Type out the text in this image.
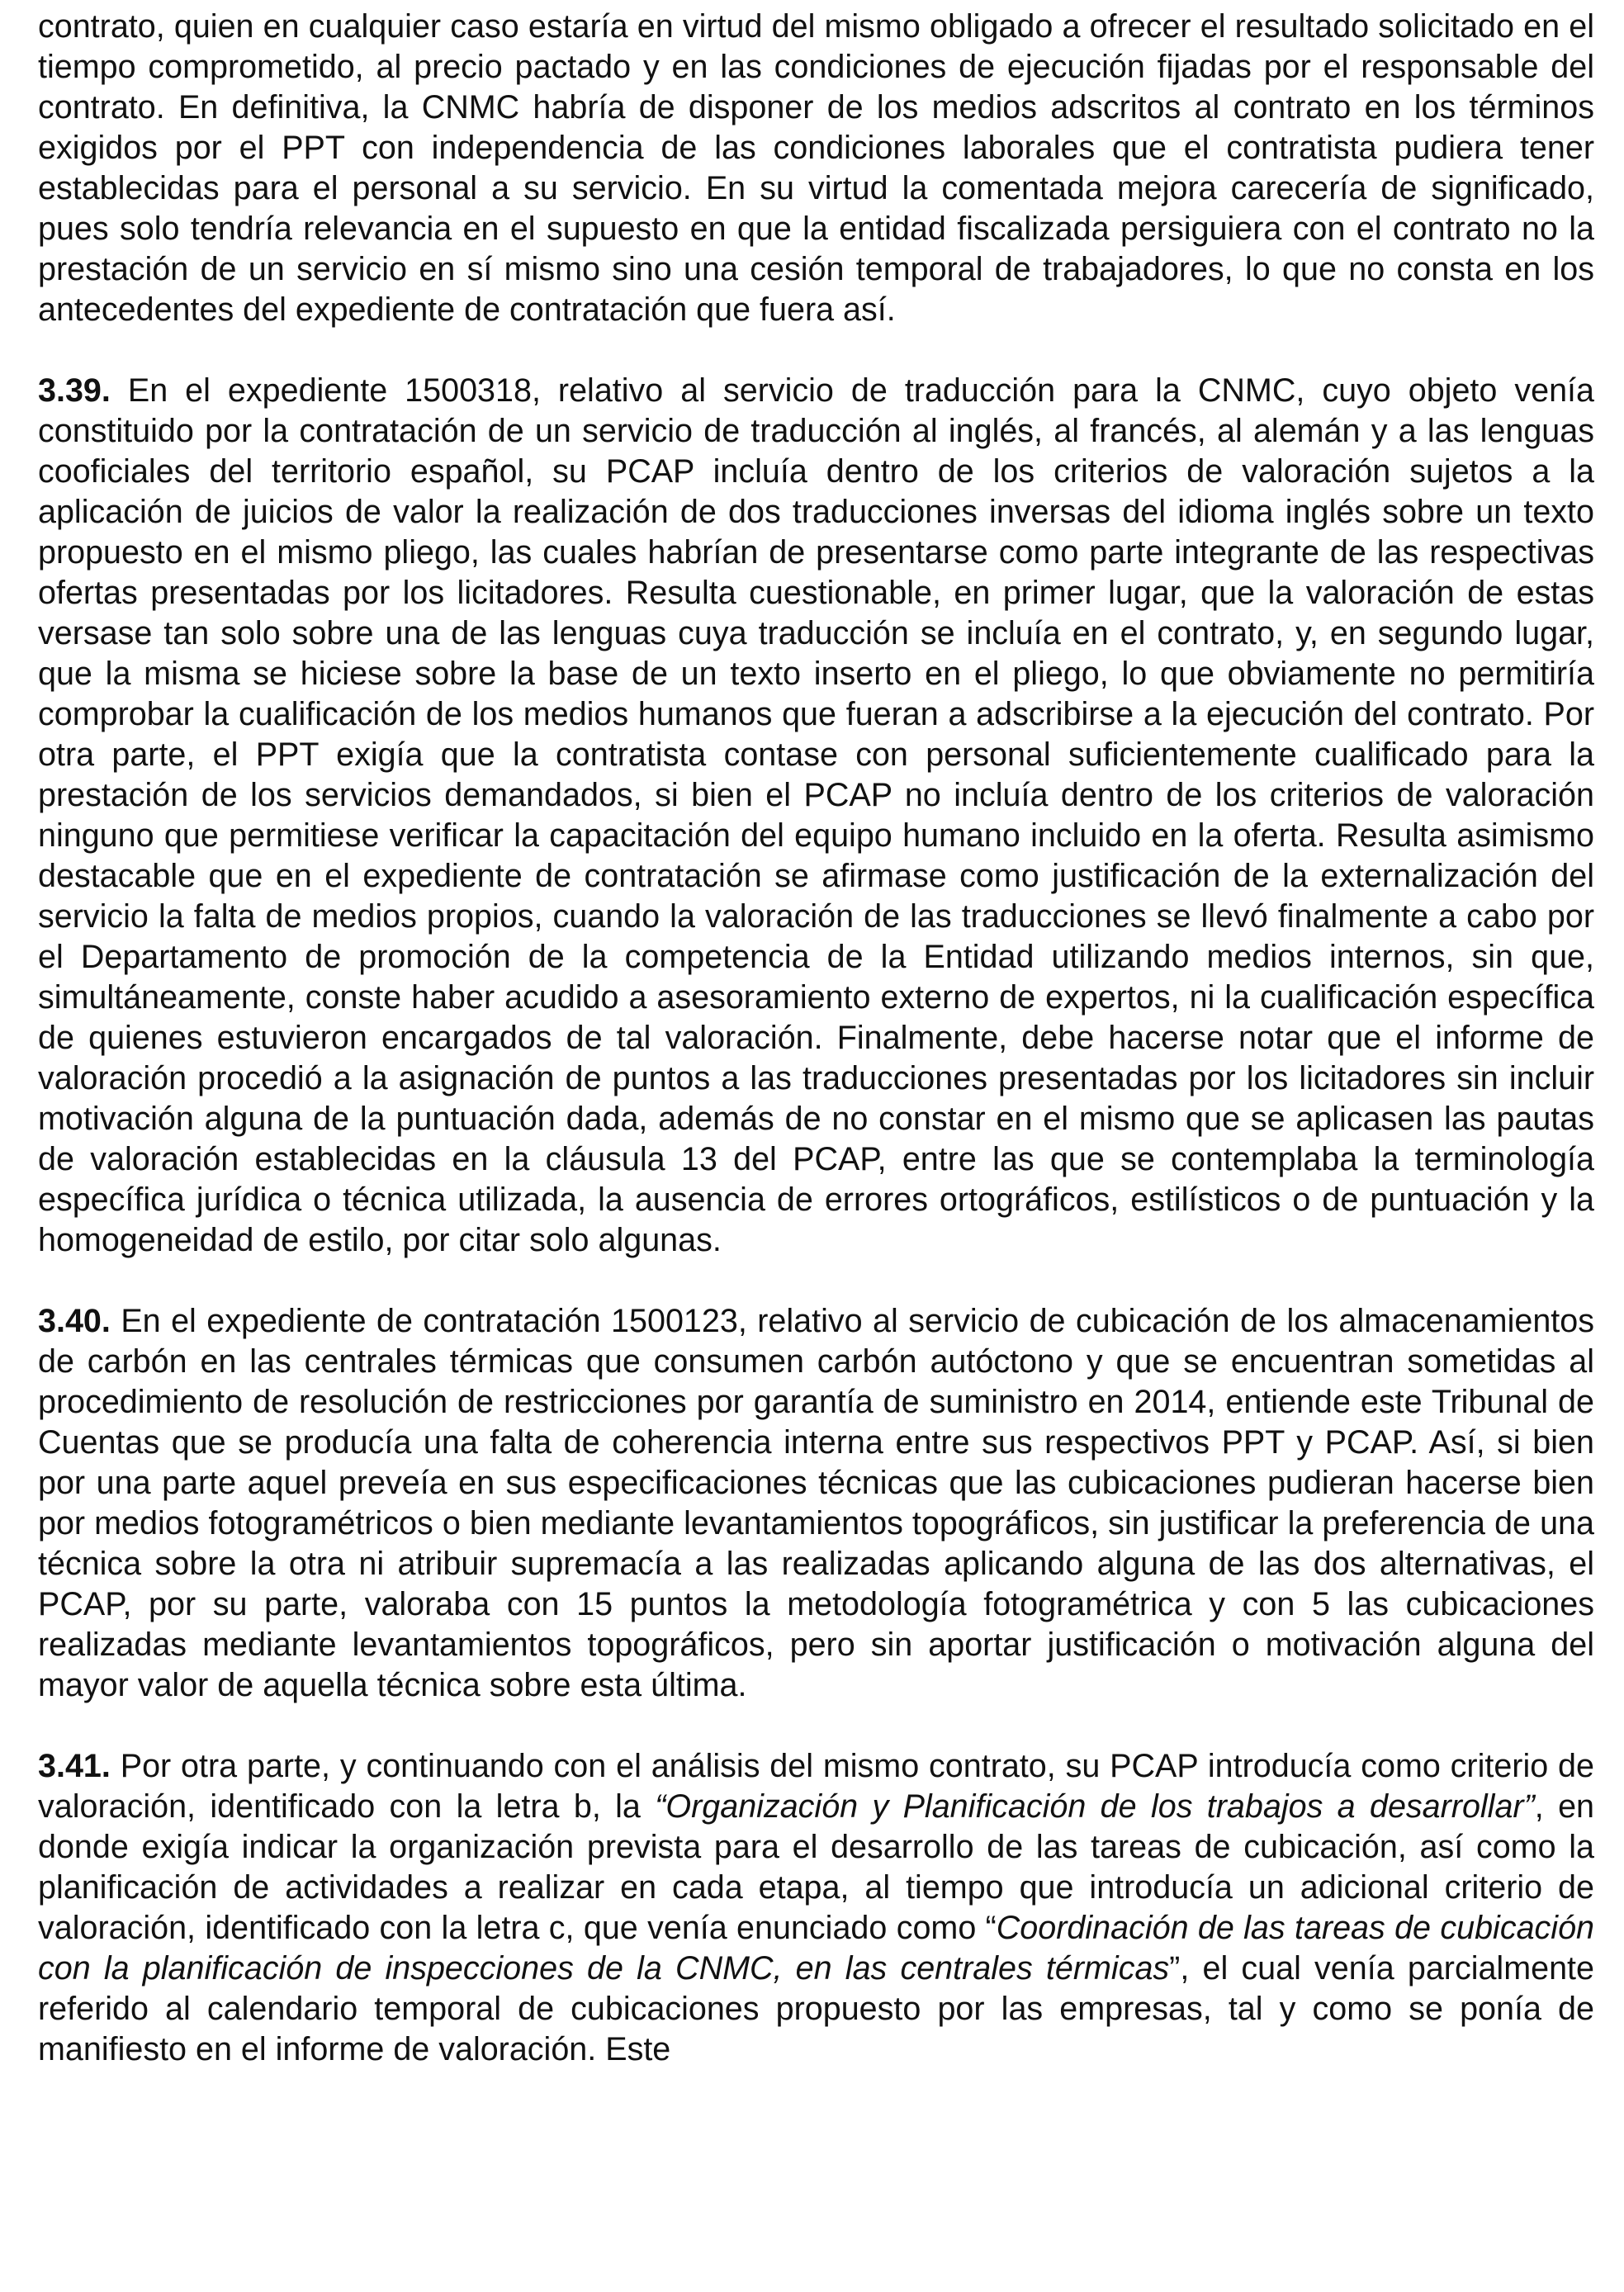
contrato, quien en cualquier caso estaría en virtud del mismo obligado a ofrecer el resultado solicitado en el tiempo comprometido, al precio pactado y en las condiciones de ejecución fijadas por el responsable del contrato. En definitiva, la CNMC habría de disponer de los medios adscritos al contrato en los términos exigidos por el PPT con independencia de las condiciones laborales que el contratista pudiera tener establecidas para el personal a su servicio. En su virtud la comentada mejora carecería de significado, pues solo tendría relevancia en el supuesto en que la entidad fiscalizada persiguiera con el contrato no la prestación de un servicio en sí mismo sino una cesión temporal de trabajadores, lo que no consta en los antecedentes del expediente de contratación que fuera así.

3.39. En el expediente 1500318, relativo al servicio de traducción para la CNMC, cuyo objeto venía constituido por la contratación de un servicio de traducción al inglés, al francés, al alemán y a las lenguas cooficiales del territorio español, su PCAP incluía dentro de los criterios de valoración sujetos a la aplicación de juicios de valor la realización de dos traducciones inversas del idioma inglés sobre un texto propuesto en el mismo pliego, las cuales habrían de presentarse como parte integrante de las respectivas ofertas presentadas por los licitadores. Resulta cuestionable, en primer lugar, que la valoración de estas versase tan solo sobre una de las lenguas cuya traducción se incluía en el contrato, y, en segundo lugar, que la misma se hiciese sobre la base de un texto inserto en el pliego, lo que obviamente no permitiría comprobar la cualificación de los medios humanos que fueran a adscribirse a la ejecución del contrato. Por otra parte, el PPT exigía que la contratista contase con personal suficientemente cualificado para la prestación de los servicios demandados, si bien el PCAP no incluía dentro de los criterios de valoración ninguno que permitiese verificar la capacitación del equipo humano incluido en la oferta. Resulta asimismo destacable que en el expediente de contratación se afirmase como justificación de la externalización del servicio la falta de medios propios, cuando la valoración de las traducciones se llevó finalmente a cabo por el Departamento de promoción de la competencia de la Entidad utilizando medios internos, sin que, simultáneamente, conste haber acudido a asesoramiento externo de expertos, ni la cualificación específica de quienes estuvieron encargados de tal valoración. Finalmente, debe hacerse notar que el informe de valoración procedió a la asignación de puntos a las traducciones presentadas por los licitadores sin incluir motivación alguna de la puntuación dada, además de no constar en el mismo que se aplicasen las pautas de valoración establecidas en la cláusula 13 del PCAP, entre las que se contemplaba la terminología específica jurídica o técnica utilizada, la ausencia de errores ortográficos, estilísticos o de puntuación y la homogeneidad de estilo, por citar solo algunas.

3.40. En el expediente de contratación 1500123, relativo al servicio de cubicación de los almacenamientos de carbón en las centrales térmicas que consumen carbón autóctono y que se encuentran sometidas al procedimiento de resolución de restricciones por garantía de suministro en 2014, entiende este Tribunal de Cuentas que se producía una falta de coherencia interna entre sus respectivos PPT y PCAP. Así, si bien por una parte aquel preveía en sus especificaciones técnicas que las cubicaciones pudieran hacerse bien por medios fotogramétricos o bien mediante levantamientos topográficos, sin justificar la preferencia de una técnica sobre la otra ni atribuir supremacía a las realizadas aplicando alguna de las dos alternativas, el PCAP, por su parte, valoraba con 15 puntos la metodología fotogramétrica y con 5 las cubicaciones realizadas mediante levantamientos topográficos, pero sin aportar justificación o motivación alguna del mayor valor de aquella técnica sobre esta última.

3.41. Por otra parte, y continuando con el análisis del mismo contrato, su PCAP introducía como criterio de valoración, identificado con la letra b, la “Organización y Planificación de los trabajos a desarrollar”, en donde exigía indicar la organización prevista para el desarrollo de las tareas de cubicación, así como la planificación de actividades a realizar en cada etapa, al tiempo que introducía un adicional criterio de valoración, identificado con la letra c, que venía enunciado como “Coordinación de las tareas de cubicación con la planificación de inspecciones de la CNMC, en las centrales térmicas”, el cual venía parcialmente referido al calendario temporal de cubicaciones propuesto por las empresas, tal y como se ponía de manifiesto en el informe de valoración. Este
